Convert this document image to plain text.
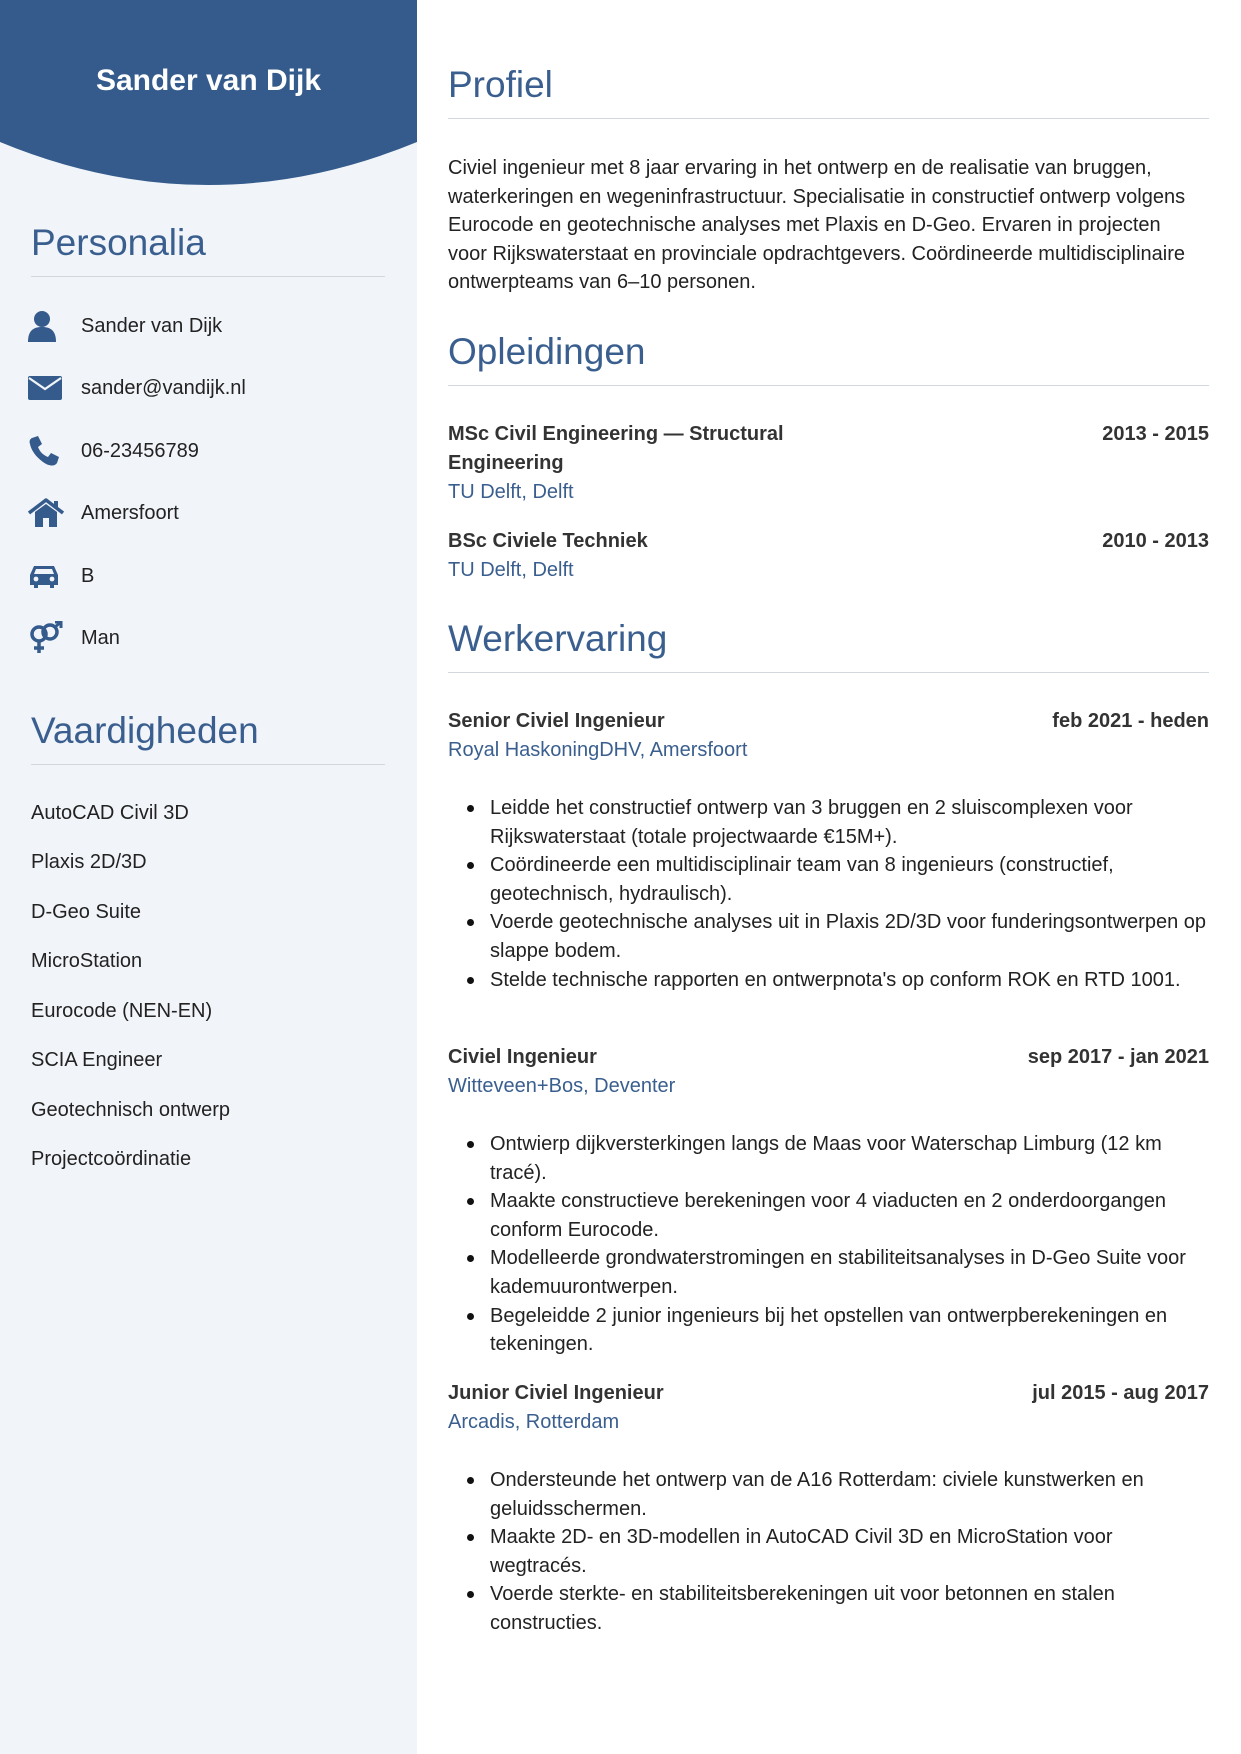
Sander van Dijk
Personalia
Sander van Dijk
sander@vandijk.nl
06-23456789
Amersfoort
B
Man
Vaardigheden
AutoCAD Civil 3D
Plaxis 2D/3D
D-Geo Suite
MicroStation
Eurocode (NEN-EN)
SCIA Engineer
Geotechnisch ontwerp
Projectcoördinatie
Profiel
Civiel ingenieur met 8 jaar ervaring in het ontwerp en de realisatie van bruggen, waterkeringen en wegeninfrastructuur. Specialisatie in constructief ontwerp volgens Eurocode en geotechnische analyses met Plaxis en D-Geo. Ervaren in projecten voor Rijkswaterstaat en provinciale opdrachtgevers. Coördineerde multidisciplinaire ontwerpteams van 6–10 personen.
Opleidingen
MSc Civil Engineering — Structural
Engineering
2013 - 2015
TU Delft, Delft
BSc Civiele Techniek	2010 - 2013
TU Delft, Delft
Werkervaring
Senior Civiel Ingenieur	feb 2021 - heden
Royal HaskoningDHV, Amersfoort
Leidde het constructief ontwerp van 3 bruggen en 2 sluiscomplexen voor Rijkswaterstaat (totale projectwaarde €15M+).
Coördineerde een multidisciplinair team van 8 ingenieurs (constructief, geotechnisch, hydraulisch).
Voerde geotechnische analyses uit in Plaxis 2D/3D voor funderingsontwerpen op slappe bodem.
Stelde technische rapporten en ontwerpnota's op conform ROK en RTD 1001.
Civiel Ingenieur	sep 2017 - jan 2021
Witteveen+Bos, Deventer
Ontwierp dijkversterkingen langs de Maas voor Waterschap Limburg (12 km tracé).
Maakte constructieve berekeningen voor 4 viaducten en 2 onderdoorgangen conform Eurocode.
Modelleerde grondwaterstromingen en stabiliteitsanalyses in D-Geo Suite voor kademuurontwerpen.
Begeleidde 2 junior ingenieurs bij het opstellen van ontwerpberekeningen en tekeningen.
Junior Civiel Ingenieur	jul 2015 - aug 2017
Arcadis, Rotterdam
Ondersteunde het ontwerp van de A16 Rotterdam: civiele kunstwerken en geluidsschermen.
Maakte 2D- en 3D-modellen in AutoCAD Civil 3D en MicroStation voor wegtracés.
Voerde sterkte- en stabiliteitsberekeningen uit voor betonnen en stalen constructies.
